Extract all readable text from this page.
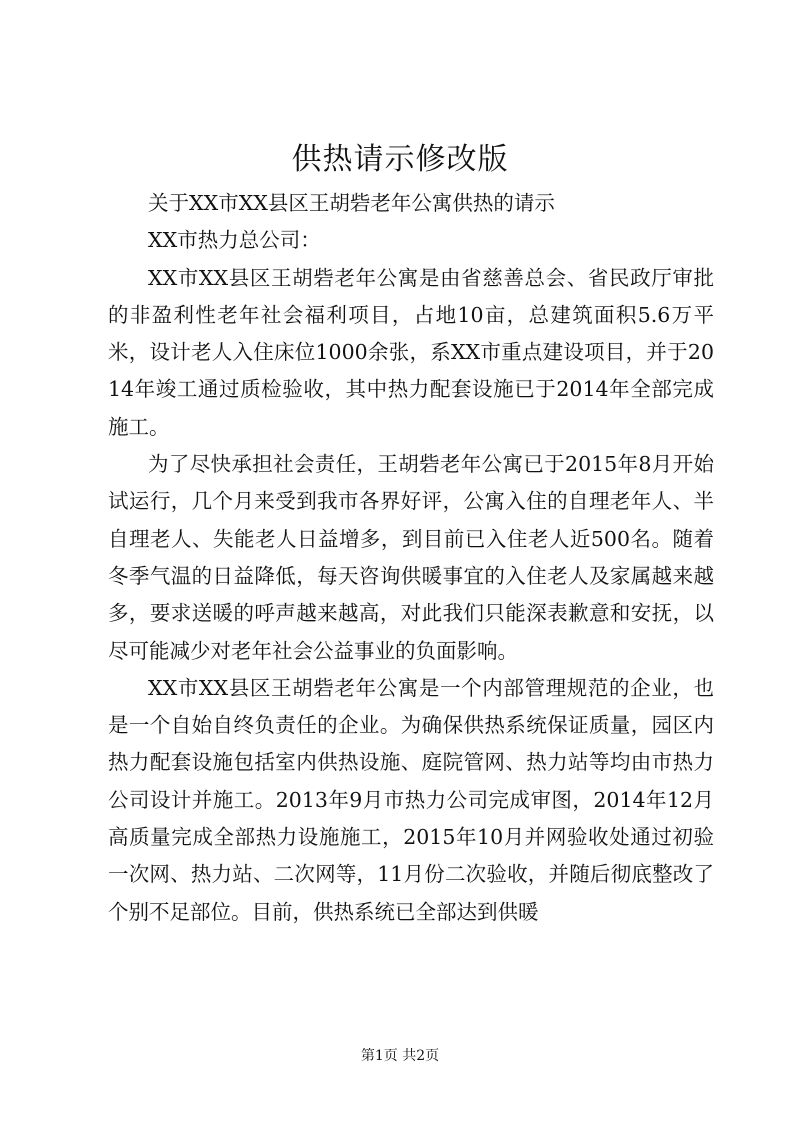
供热请示修改版

关于XX市XX县区王胡砦老年公寓供热的请示

XX市热力总公司：

XX市XX县区王胡砦老年公寓是由省慈善总会、省民政厅审批的非盈利性老年社会福利项目，占地10亩，总建筑面积5.6万平米，设计老人入住床位1000余张，系XX市重点建设项目，并于2014年竣工通过质检验收，其中热力配套设施已于2014年全部完成施工。

为了尽快承担社会责任，王胡砦老年公寓已于2015年8月开始试运行，几个月来受到我市各界好评，公寓入住的自理老年人、半自理老人、失能老人日益增多，到目前已入住老人近500名。随着冬季气温的日益降低，每天咨询供暖事宜的入住老人及家属越来越多，要求送暖的呼声越来越高，对此我们只能深表歉意和安抚，以尽可能减少对老年社会公益事业的负面影响。

XX市XX县区王胡砦老年公寓是一个内部管理规范的企业，也是一个自始自终负责任的企业。为确保供热系统保证质量，园区内热力配套设施包括室内供热设施、庭院管网、热力站等均由市热力公司设计并施工。2013年9月市热力公司完成审图，2014年12月高质量完成全部热力设施施工，2015年10月并网验收处通过初验一次网、热力站、二次网等，11月份二次验收，并随后彻底整改了个别不足部位。目前，供热系统已全部达到供暖

第1页 共2页
